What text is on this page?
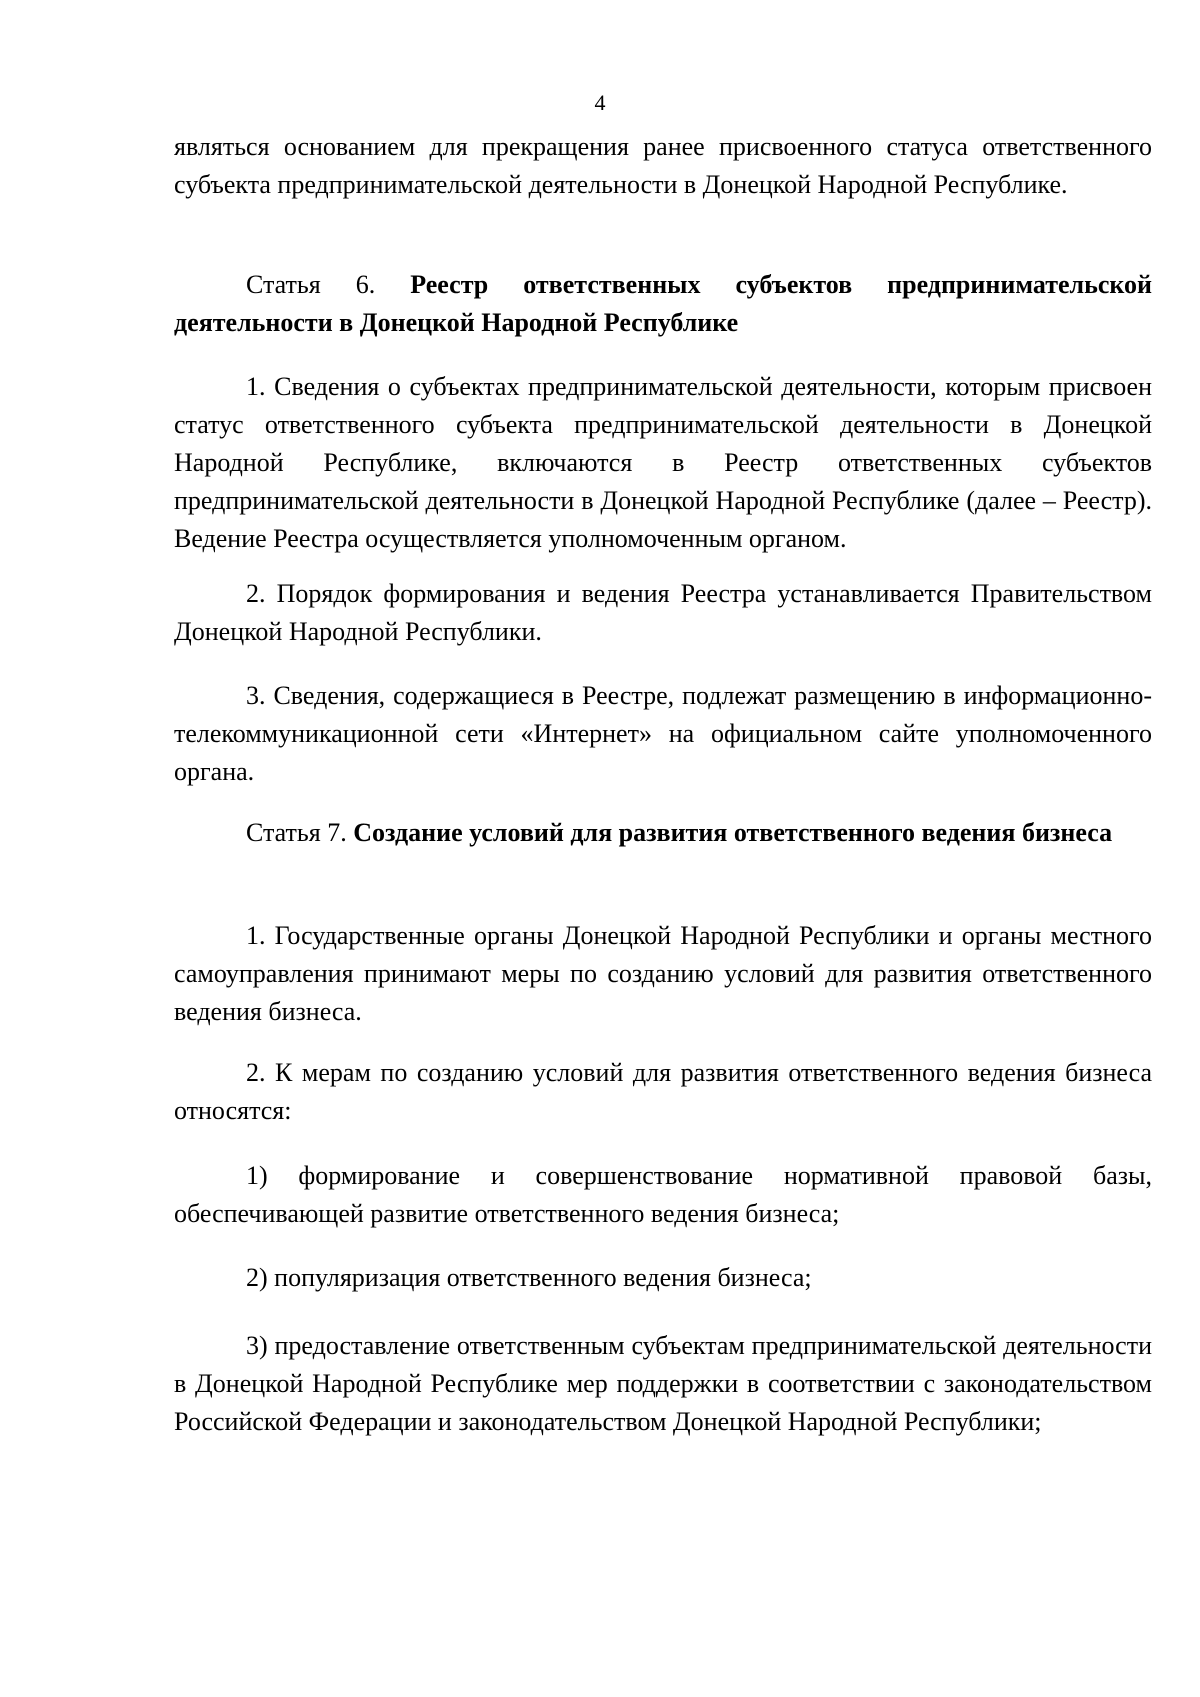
4

являться основанием для прекращения ранее присвоенного статуса ответственного субъекта предпринимательской деятельности в Донецкой Народной Республике.

Статья 6. Реестр ответственных субъектов предпринимательской деятельности в Донецкой Народной Республике

1. Сведения о субъектах предпринимательской деятельности, которым присвоен статус ответственного субъекта предпринимательской деятельности в Донецкой Народной Республике, включаются в Реестр ответственных субъектов предпринимательской деятельности в Донецкой Народной Республике (далее – Реестр). Ведение Реестра осуществляется уполномоченным органом.

2. Порядок формирования и ведения Реестра устанавливается Правительством Донецкой Народной Республики.

3. Сведения, содержащиеся в Реестре, подлежат размещению в информационно-телекоммуникационной сети «Интернет» на официальном сайте уполномоченного органа.

Статья 7. Создание условий для развития ответственного ведения бизнеса

1. Государственные органы Донецкой Народной Республики и органы местного самоуправления принимают меры по созданию условий для развития ответственного ведения бизнеса.

2. К мерам по созданию условий для развития ответственного ведения бизнеса относятся:

1) формирование и совершенствование нормативной правовой базы, обеспечивающей развитие ответственного ведения бизнеса;

2) популяризация ответственного ведения бизнеса;

3) предоставление ответственным субъектам предпринимательской деятельности в Донецкой Народной Республике мер поддержки в соответствии с законодательством Российской Федерации и законодательством Донецкой Народной Республики;
